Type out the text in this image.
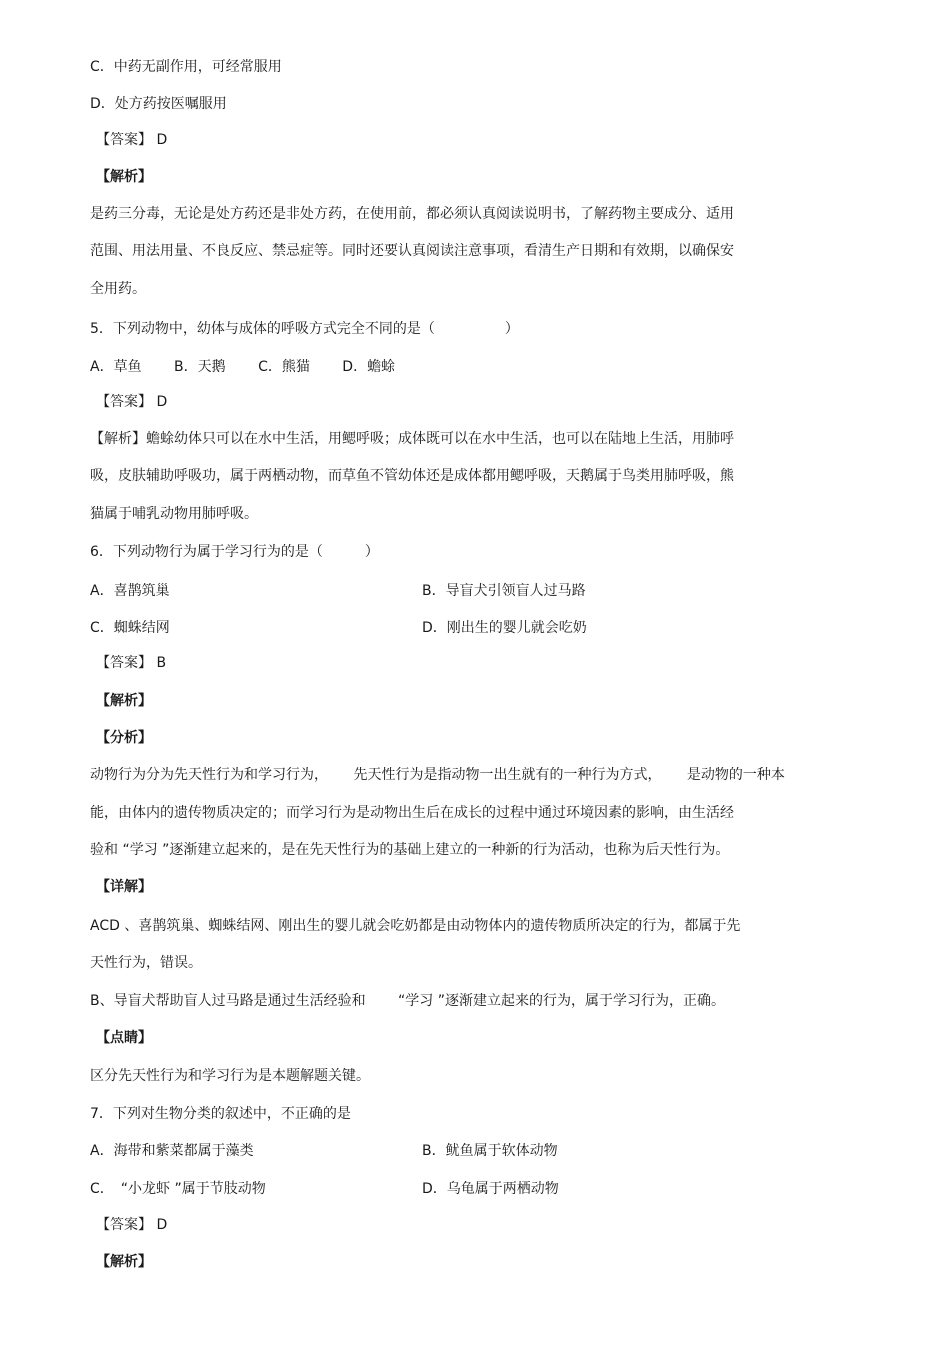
C．中药无副作用，可经常服用
D．处方药按医嘱服用
【答案】 D
【解析】
是药三分毒，无论是处方药还是非处方药，在使用前，都必须认真阅读说明书，了解药物主要成分、适用
范围、用法用量、不良反应、禁忌症等。同时还要认真阅读注意事项，看清生产日期和有效期，以确保安
全用药。
5．下列动物中，幼体与成体的呼吸方式完全不同的是（　　　　　）
A．草鱼　　 B．天鹅　　 C．熊猫　　 D．蟾蜍
【答案】 D
【解析】蟾蜍幼体只可以在水中生活，用鳃呼吸；成体既可以在水中生活，也可以在陆地上生活，用肺呼
吸，皮肤辅助呼吸功，属于两栖动物，而草鱼不管幼体还是成体都用鳃呼吸，天鹅属于鸟类用肺呼吸，熊
猫属于哺乳动物用肺呼吸。
6．下列动物行为属于学习行为的是（　　　）
A．喜鹊筑巢	B．导盲犬引领盲人过马路
C．蜘蛛结网	D．刚出生的婴儿就会吃奶
【答案】 B
【解析】
【分析】
动物行为分为先天性行为和学习行为，　　 先天性行为是指动物一出生就有的一种行为方式，　　 是动物的一种本
能，由体内的遗传物质决定的；而学习行为是动物出生后在成长的过程中通过环境因素的影响，由生活经
验和 “学习 ”逐渐建立起来的，是在先天性行为的基础上建立的一种新的行为活动，也称为后天性行为。
【详解】
ACD 、喜鹊筑巢、蜘蛛结网、刚出生的婴儿就会吃奶都是由动物体内的遗传物质所决定的行为，都属于先
天性行为，错误。
B、导盲犬帮助盲人过马路是通过生活经验和　　 “学习 ”逐渐建立起来的行为，属于学习行为，正确。
【点睛】
区分先天性行为和学习行为是本题解题关键。
7．下列对生物分类的叙述中，不正确的是
A．海带和紫菜都属于藻类	B．鱿鱼属于软体动物
C．　“小龙虾 ”属于节肢动物	D．乌龟属于两栖动物
【答案】 D
【解析】
